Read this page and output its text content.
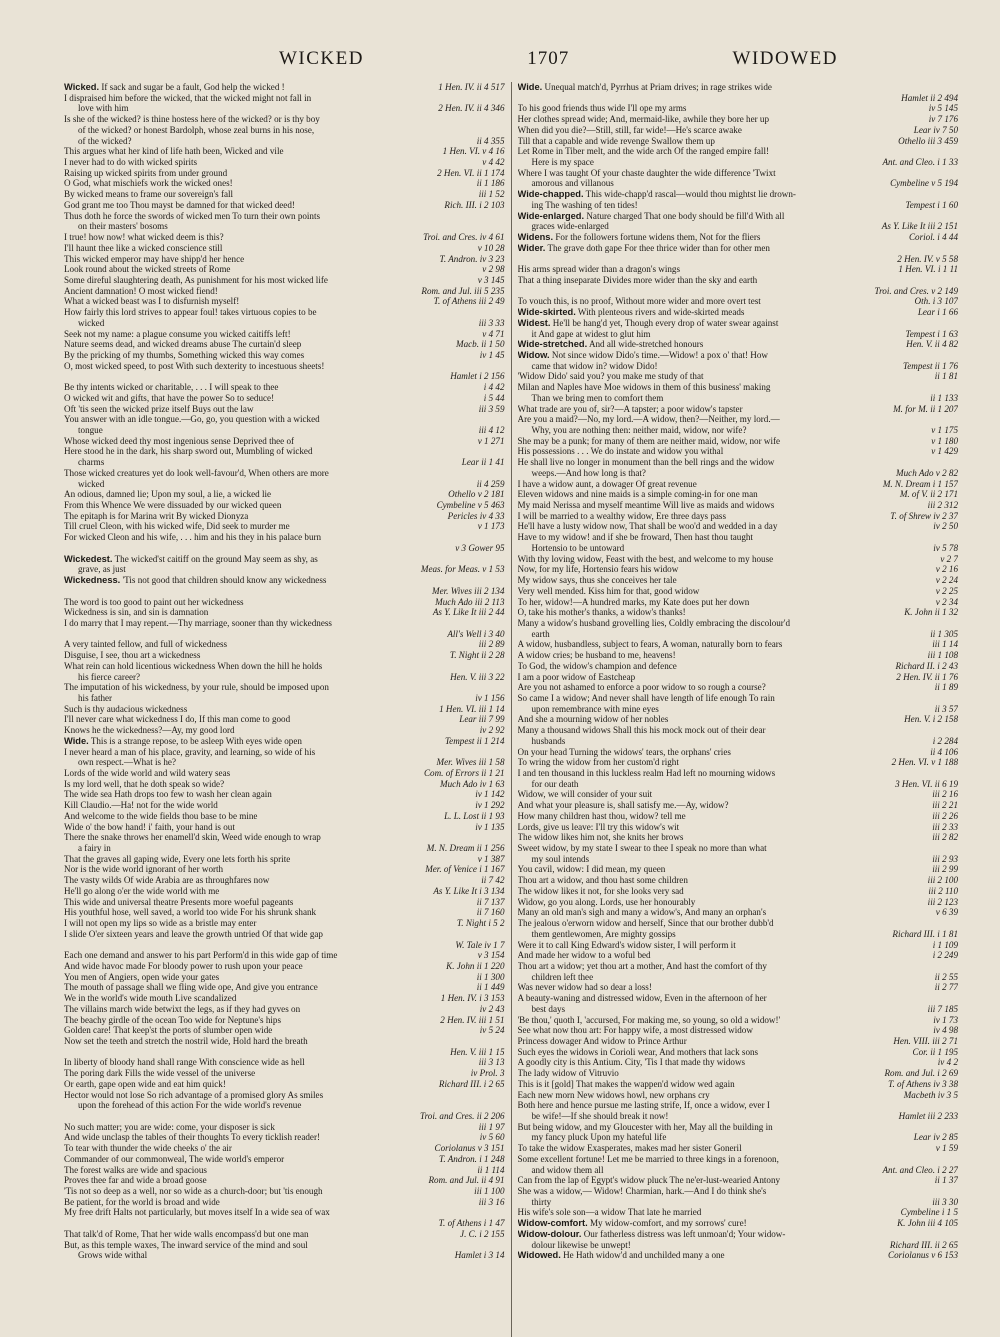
WICKED	1707	WIDOWED
Wicked. If sack and sugar be a fault, God help the wicked !	1 Hen. IV. ii 4 517
I dispraised him before the wicked, that the wicked might not fall in
love with him	2 Hen. IV. ii 4 346
Is she of the wicked? is thine hostess here of the wicked? or is thy boy
of the wicked? or honest Bardolph, whose zeal burns in his nose,
of the wicked?	ii 4 355
This argues what her kind of life hath been, Wicked and vile	1 Hen. VI. v 4 16
I never had to do with wicked spirits	v 4 42
Raising up wicked spirits from under ground	2 Hen. VI. ii 1 174
O God, what mischiefs work the wicked ones!	ii 1 186
By wicked means to frame our sovereign's fall	iii 1 52
God grant me too Thou mayst be damned for that wicked deed!	Rich. III. i 2 103
Thus doth he force the swords of wicked men To turn their own points
on their masters' bosoms
I true! how now! what wicked deem is this?	Troi. and Cres. iv 4 61
I'll haunt thee like a wicked conscience still	v 10 28
This wicked emperor may have shipp'd her hence	T. Andron. iv 3 23
Look round about the wicked streets of Rome	v 2 98
Some direful slaughtering death, As punishment for his most wicked life	v 3 145
Ancient damnation! O most wicked fiend!	Rom. and Jul. iii 5 235
What a wicked beast was I to disfurnish myself!	T. of Athens iii 2 49
How fairly this lord strives to appear foul! takes virtuous copies to be
wicked	iii 3 33
Seek not my name: a plague consume you wicked caitiffs left!	v 4 71
Nature seems dead, and wicked dreams abuse The curtain'd sleep	Macb. ii 1 50
By the pricking of my thumbs, Something wicked this way comes	iv 1 45
O, most wicked speed, to post With such dexterity to incestuous sheets!
Hamlet i 2 156
Be thy intents wicked or charitable, . . . I will speak to thee	i 4 42
O wicked wit and gifts, that have the power So to seduce!	i 5 44
Oft 'tis seen the wicked prize itself Buys out the law	iii 3 59
You answer with an idle tongue.—Go, go, you question with a wicked
tongue	iii 4 12
Whose wicked deed thy most ingenious sense Deprived thee of	v 1 271
Here stood he in the dark, his sharp sword out, Mumbling of wicked
charms	Lear ii 1 41
Those wicked creatures yet do look well-favour'd, When others are more
wicked	ii 4 259
An odious, damned lie; Upon my soul, a lie, a wicked lie	Othello v 2 181
From this Whence We were dissuaded by our wicked queen	Cymbeline v 5 463
The epitaph is for Marina writ By wicked Dionyza	Pericles iv 4 33
Till cruel Cleon, with his wicked wife, Did seek to murder me	v 1 173
For wicked Cleon and his wife, . . . him and his they in his palace burn
v 3 Gower 95
Wickedest. The wicked'st caitiff on the ground May seem as shy, as
grave, as just	Meas. for Meas. v 1 53
Wickedness. 'Tis not good that children should know any wickedness
Mer. Wives iii 2 134
The word is too good to paint out her wickedness	Much Ado iii 2 113
Wickedness is sin, and sin is damnation	As Y. Like It iii 2 44
I do marry that I may repent.—Thy marriage, sooner than thy wickedness
All's Well i 3 40
A very tainted fellow, and full of wickedness	iii 2 89
Disguise, I see, thou art a wickedness	T. Night ii 2 28
What rein can hold licentious wickedness When down the hill he holds
his fierce career?	Hen. V. iii 3 22
The imputation of his wickedness, by your rule, should be imposed upon
his father	iv 1 156
Such is thy audacious wickedness	1 Hen. VI. iii 1 14
I'll never care what wickedness I do, If this man come to good	Lear iii 7 99
Knows he the wickedness?—Ay, my good lord	iv 2 92
Wide. This is a strange repose, to be asleep With eyes wide open	Tempest ii 1 214
I never heard a man of his place, gravity, and learning, so wide of his
own respect.—What is he?	Mer. Wives iii 1 58
Lords of the wide world and wild watery seas	Com. of Errors ii 1 21
Is my lord well, that he doth speak so wide?	Much Ado iv 1 63
The wide sea Hath drops too few to wash her clean again	iv 1 142
Kill Claudio.—Ha! not for the wide world	iv 1 292
And welcome to the wide fields thou base to be mine	L. L. Lost ii 1 93
Wide o' the bow hand! i' faith, your hand is out	iv 1 135
There the snake throws her enamell'd skin, Weed wide enough to wrap
a fairy in	M. N. Dream ii 1 256
That the graves all gaping wide, Every one lets forth his sprite	v 1 387
Nor is the wide world ignorant of her worth	Mer. of Venice i 1 167
The vasty wilds Of wide Arabia are as throughfares now	ii 7 42
He'll go along o'er the wide world with me	As Y. Like It i 3 134
This wide and universal theatre Presents more woeful pageants	ii 7 137
His youthful hose, well saved, a world too wide For his shrunk shank	ii 7 160
I will not open my lips so wide as a bristle may enter	T. Night i 5 2
I slide O'er sixteen years and leave the growth untried Of that wide gap
W. Tale iv 1 7
Each one demand and answer to his part Perform'd in this wide gap of time	v 3 154
And wide havoc made For bloody power to rush upon your peace	K. John ii 1 220
You men of Angiers, open wide your gates	ii 1 300
The mouth of passage shall we fling wide ope, And give you entrance	ii 1 449
We in the world's wide mouth Live scandalized	1 Hen. IV. i 3 153
The villains march wide betwixt the legs, as if they had gyves on	iv 2 43
The beachy girdle of the ocean Too wide for Neptune's hips	2 Hen. IV. iii 1 51
Golden care! That keep'st the ports of slumber open wide	iv 5 24
Now set the teeth and stretch the nostril wide, Hold hard the breath
Hen. V. iii 1 15
In liberty of bloody hand shall range With conscience wide as hell	iii 3 13
The poring dark Fills the wide vessel of the universe	iv Prol. 3
Or earth, gape open wide and eat him quick!	Richard III. i 2 65
Hector would not lose So rich advantage of a promised glory As smiles
upon the forehead of this action For the wide world's revenue
Troi. and Cres. ii 2 206
No such matter; you are wide: come, your disposer is sick	iii 1 97
And wide unclasp the tables of their thoughts To every ticklish reader!	iv 5 60
To tear with thunder the wide cheeks o' the air	Coriolanus v 3 151
Commander of our commonweal, The wide world's emperor	T. Andron. i 1 248
The forest walks are wide and spacious	ii 1 114
Proves thee far and wide a broad goose	Rom. and Jul. ii 4 91
'Tis not so deep as a well, nor so wide as a church-door; but 'tis enough	iii 1 100
Be patient, for the world is broad and wide	iii 3 16
My free drift Halts not particularly, but moves itself In a wide sea of wax
T. of Athens i 1 47
That talk'd of Rome, That her wide walls encompass'd but one man	J. C. i 2 155
But, as this temple waxes, The inward service of the mind and soul
Grows wide withal	Hamlet i 3 14
Wide. Unequal match'd, Pyrrhus at Priam drives; in rage strikes wide
Hamlet ii 2 494
To his good friends thus wide I'll ope my arms	iv 5 145
Her clothes spread wide; And, mermaid-like, awhile they bore her up	iv 7 176
When did you die?—Still, still, far wide!—He's scarce awake	Lear iv 7 50
Till that a capable and wide revenge Swallow them up	Othello iii 3 459
Let Rome in Tiber melt, and the wide arch Of the ranged empire fall!
Here is my space	Ant. and Cleo. i 1 33
Where I was taught Of your chaste daughter the wide difference 'Twixt
amorous and villanous	Cymbeline v 5 194
Wide-chapped. This wide-chapp'd rascal—would thou mightst lie drown-
ing The washing of ten tides!	Tempest i 1 60
Wide-enlarged. Nature charged That one body should be fill'd With all
graces wide-enlarged	As Y. Like It iii 2 151
Widens. For the followers fortune widens them, Not for the fliers	Coriol. i 4 44
Wider. The grave doth gape For thee thrice wider than for other men
2 Hen. IV. v 5 58
His arms spread wider than a dragon's wings	1 Hen. VI. i 1 11
That a thing inseparate Divides more wider than the sky and earth
Troi. and Cres. v 2 149
To vouch this, is no proof, Without more wider and more overt test	Oth. i 3 107
Wide-skirted. With plenteous rivers and wide-skirted meads	Lear i 1 66
Widest. He'll be hang'd yet, Though every drop of water swear against
it And gape at widest to glut him	Tempest i 1 63
Wide-stretched. And all wide-stretched honours	Hen. V. ii 4 82
Widow. Not since widow Dido's time.—Widow! a pox o' that! How
came that widow in? widow Dido!	Tempest ii 1 76
'Widow Dido' said you? you make me study of that	ii 1 81
Milan and Naples have Moe widows in them of this business' making
Than we bring men to comfort them	ii 1 133
What trade are you of, sir?—A tapster; a poor widow's tapster	M. for M. ii 1 207
Are you a maid?—No, my lord.—A widow, then?—Neither, my lord.—
Why, you are nothing then: neither maid, widow, nor wife?	v 1 175
She may be a punk; for many of them are neither maid, widow, nor wife	v 1 180
His possessions . . . We do instate and widow you withal	v 1 429
He shall live no longer in monument than the bell rings and the widow
weeps.—And how long is that?	Much Ado v 2 82
I have a widow aunt, a dowager Of great revenue	M. N. Dream i 1 157
Eleven widows and nine maids is a simple coming-in for one man	M. of V. ii 2 171
My maid Nerissa and myself meantime Will live as maids and widows	iii 2 312
I will be married to a wealthy widow, Ere three days pass	T. of Shrew iv 2 37
He'll have a lusty widow now, That shall be woo'd and wedded in a day	iv 2 50
Have to my widow! and if she be froward, Then hast thou taught
Hortensio to be untoward	iv 5 78
With thy loving widow, Feast with the best, and welcome to my house	v 2 7
Now, for my life, Hortensio fears his widow	v 2 16
My widow says, thus she conceives her tale	v 2 24
Very well mended. Kiss him for that, good widow	v 2 25
To her, widow!—A hundred marks, my Kate does put her down	v 2 34
O, take his mother's thanks, a widow's thanks!	K. John ii 1 32
Many a widow's husband grovelling lies, Coldly embracing the discolour'd
earth	ii 1 305
A widow, husbandless, subject to fears, A woman, naturally born to fears	iii 1 14
A widow cries; be husband to me, heavens!	iii 1 108
To God, the widow's champion and defence	Richard II. i 2 43
I am a poor widow of Eastcheap	2 Hen. IV. ii 1 76
Are you not ashamed to enforce a poor widow to so rough a course?	ii 1 89
So came I a widow; And never shall have length of life enough To rain
upon remembrance with mine eyes	ii 3 57
And she a mourning widow of her nobles	Hen. V. i 2 158
Many a thousand widows Shall this his mock mock out of their dear
husbands	i 2 284
On your head Turning the widows' tears, the orphans' cries	ii 4 106
To wring the widow from her custom'd right	2 Hen. VI. v 1 188
I and ten thousand in this luckless realm Had left no mourning widows
for our death	3 Hen. VI. ii 6 19
Widow, we will consider of your suit	iii 2 16
And what your pleasure is, shall satisfy me.—Ay, widow?	iii 2 21
How many children hast thou, widow? tell me	iii 2 26
Lords, give us leave: I'll try this widow's wit	iii 2 33
The widow likes him not, she knits her brows	iii 2 82
Sweet widow, by my state I swear to thee I speak no more than what
my soul intends	iii 2 93
You cavil, widow: I did mean, my queen	iii 2 99
Thou art a widow, and thou hast some children	iii 2 100
The widow likes it not, for she looks very sad	iii 2 110
Widow, go you along. Lords, use her honourably	iii 2 123
Many an old man's sigh and many a widow's, And many an orphan's	v 6 39
The jealous o'erworn widow and herself, Since that our brother dubb'd
them gentlewomen, Are mighty gossips	Richard III. i 1 81
Were it to call King Edward's widow sister, I will perform it	i 1 109
And made her widow to a woful bed	i 2 249
Thou art a widow; yet thou art a mother, And hast the comfort of thy
children left thee	ii 2 55
Was never widow had so dear a loss!	ii 2 77
A beauty-waning and distressed widow, Even in the afternoon of her
best days	iii 7 185
'Be thou,' quoth I, 'accursed, For making me, so young, so old a widow!'	iv 1 73
See what now thou art: For happy wife, a most distressed widow	iv 4 98
Princess dowager And widow to Prince Arthur	Hen. VIII. iii 2 71
Such eyes the widows in Corioli wear, And mothers that lack sons	Cor. ii 1 195
A goodly city is this Antium. City, 'Tis I that made thy widows	iv 4 2
The lady widow of Vitruvio	Rom. and Jul. i 2 69
This is it [gold] That makes the wappen'd widow wed again	T. of Athens iv 3 38
Each new morn New widows howl, new orphans cry	Macbeth iv 3 5
Both here and hence pursue me lasting strife, If, once a widow, ever I
be wife!—If she should break it now!	Hamlet iii 2 233
But being widow, and my Gloucester with her, May all the building in
my fancy pluck Upon my hateful life	Lear iv 2 85
To take the widow Exasperates, makes mad her sister Goneril	v 1 59
Some excellent fortune! Let me be married to three kings in a forenoon,
and widow them all	Ant. and Cleo. i 2 27
Can from the lap of Egypt's widow pluck The ne'er-lust-wearied Antony	ii 1 37
She was a widow,— Widow! Charmian, hark.—And I do think she's
thirty	iii 3 30
His wife's sole son—a widow That late he married	Cymbeline i 1 5
Widow-comfort. My widow-comfort, and my sorrows' cure!	K. John iii 4 105
Widow-dolour. Our fatherless distress was left unmoan'd; Your widow-
dolour likewise be unwept!	Richard III. ii 2 65
Widowed. He Hath widow'd and unchilded many a one	Coriolanus v 6 153
